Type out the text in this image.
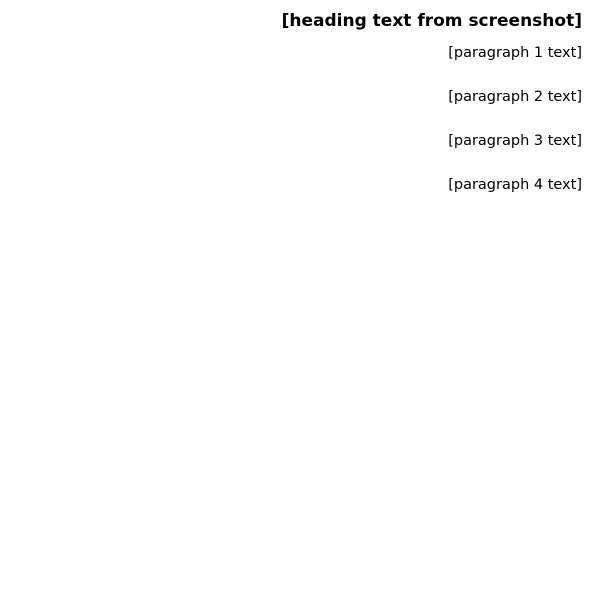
[heading text from screenshot]

[paragraph 1 text]

[paragraph 2 text]

[paragraph 3 text]

[paragraph 4 text]
